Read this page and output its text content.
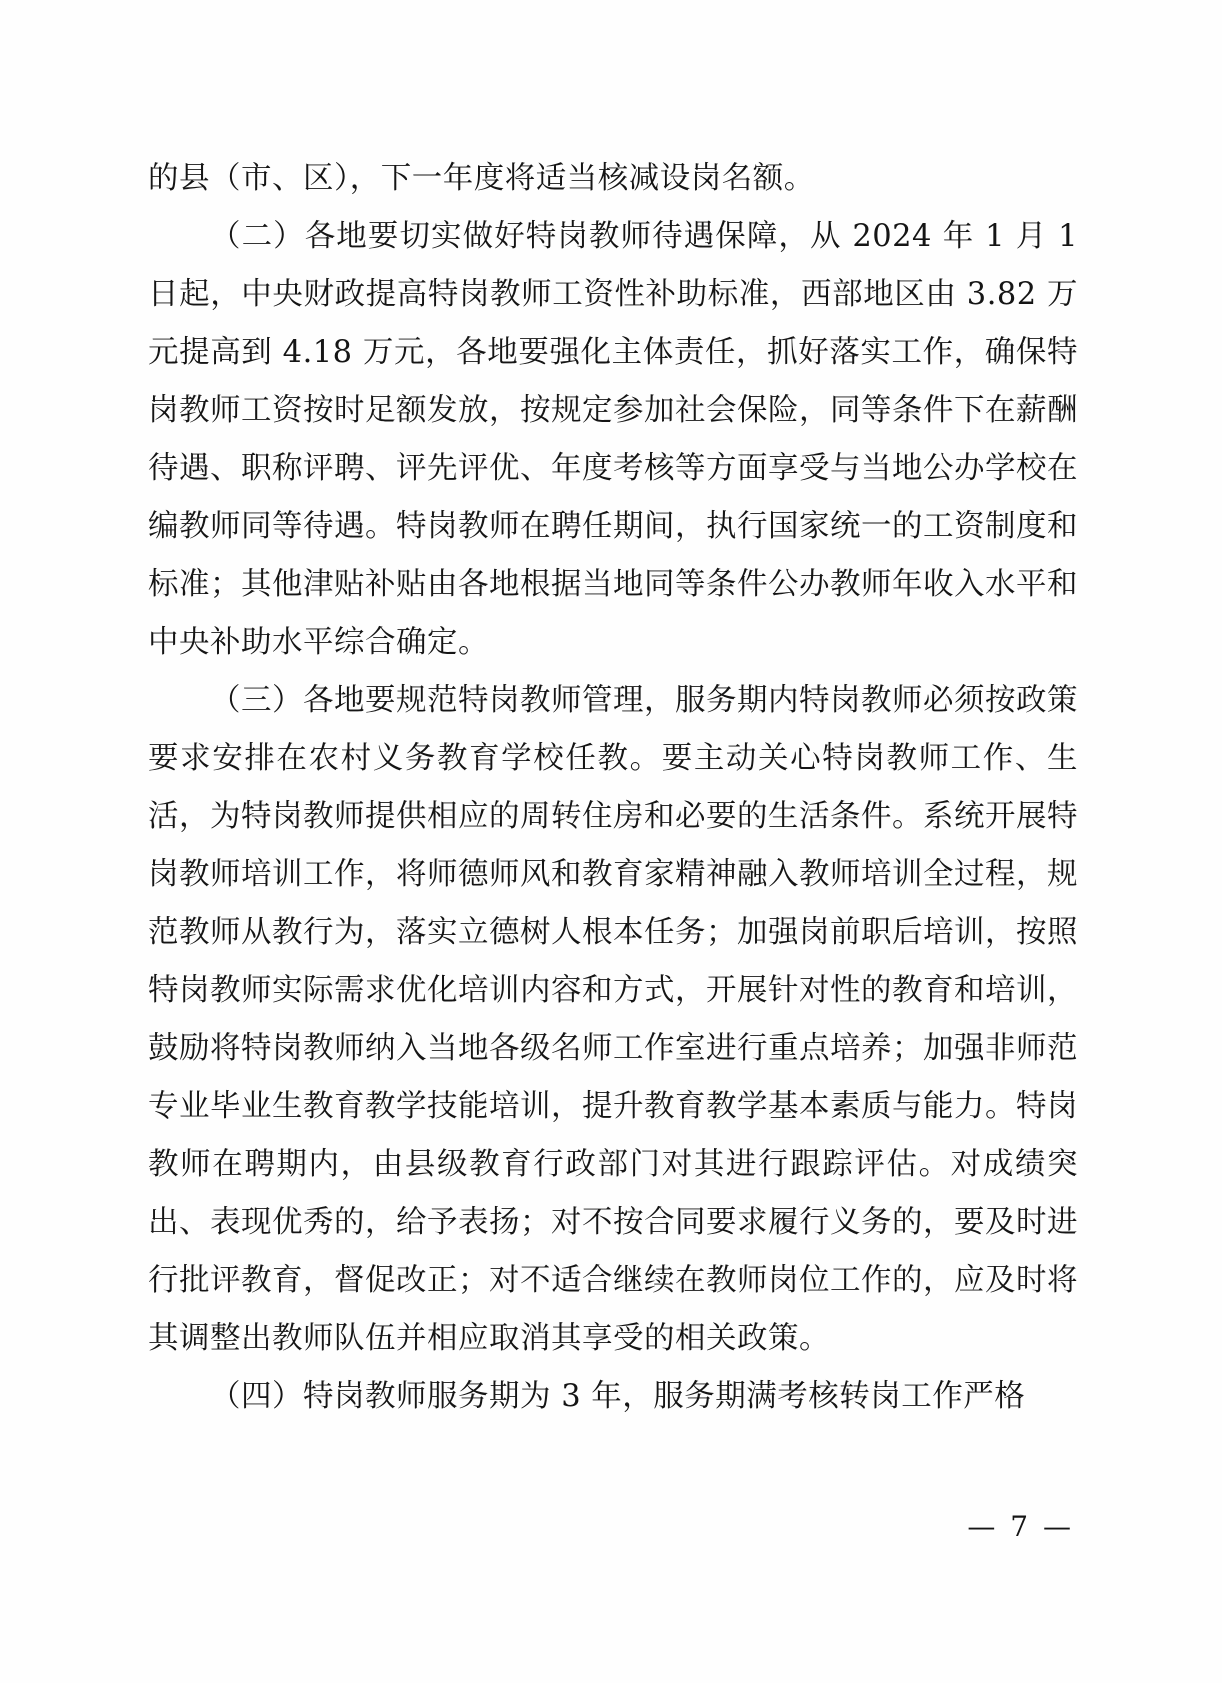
的县（市、区），下一年度将适当核减设岗名额。

（二）各地要切实做好特岗教师待遇保障，从 2024 年 1 月 1 日起，中央财政提高特岗教师工资性补助标准，西部地区由 3.82 万元提高到 4.18 万元，各地要强化主体责任，抓好落实工作，确保特岗教师工资按时足额发放，按规定参加社会保险，同等条件下在薪酬待遇、职称评聘、评先评优、年度考核等方面享受与当地公办学校在编教师同等待遇。特岗教师在聘任期间，执行国家统一的工资制度和标准；其他津贴补贴由各地根据当地同等条件公办教师年收入水平和中央补助水平综合确定。

（三）各地要规范特岗教师管理，服务期内特岗教师必须按政策要求安排在农村义务教育学校任教。要主动关心特岗教师工作、生活，为特岗教师提供相应的周转住房和必要的生活条件。系统开展特岗教师培训工作，将师德师风和教育家精神融入教师培训全过程，规范教师从教行为，落实立德树人根本任务；加强岗前职后培训，按照特岗教师实际需求优化培训内容和方式，开展针对性的教育和培训，鼓励将特岗教师纳入当地各级名师工作室进行重点培养；加强非师范专业毕业生教育教学技能培训，提升教育教学基本素质与能力。特岗教师在聘期内，由县级教育行政部门对其进行跟踪评估。对成绩突出、表现优秀的，给予表扬；对不按合同要求履行义务的，要及时进行批评教育，督促改正；对不适合继续在教师岗位工作的，应及时将其调整出教师队伍并相应取消其享受的相关政策。

（四）特岗教师服务期为 3 年，服务期满考核转岗工作严格

— 7 —
